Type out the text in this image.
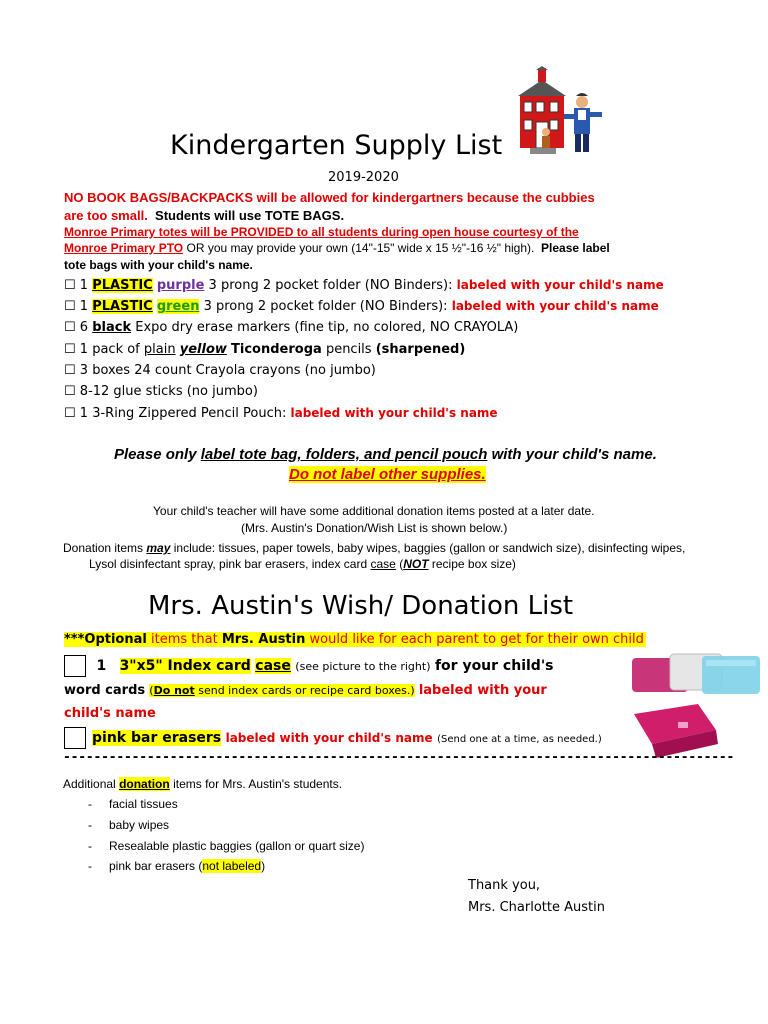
Kindergarten Supply List
2019-2020
NO BOOK BAGS/BACKPACKS will be allowed for kindergartners because the cubbies
are too small. Students will use TOTE BAGS.
Monroe Primary totes will be PROVIDED to all students during open house courtesy of the
Monroe Primary PTO OR you may provide your own (14"-15" wide x 15 ½"-16 ½" high). Please label
tote bags with your child's name.
☐ 1 PLASTIC purple 3 prong 2 pocket folder (NO Binders): labeled with your child's name
☐ 1 PLASTIC green 3 prong 2 pocket folder (NO Binders): labeled with your child's name
☐ 6 black Expo dry erase markers (fine tip, no colored, NO CRAYOLA)
☐ 1 pack of plain yellow Ticonderoga pencils (sharpened)
☐ 3 boxes 24 count Crayola crayons (no jumbo)
☐ 8-12 glue sticks (no jumbo)
☐ 1 3-Ring Zippered Pencil Pouch: labeled with your child's name
Please only label tote bag, folders, and pencil pouch with your child's name.
Do not label other supplies.
Your child's teacher will have some additional donation items posted at a later date.
(Mrs. Austin's Donation/Wish List is shown below.)
Donation items may include: tissues, paper towels, baby wipes, baggies (gallon or sandwich size), disinfecting wipes,
Lysol disinfectant spray, pink bar erasers, index card case (NOT recipe box size)
Mrs. Austin's Wish/ Donation List
***Optional items that Mrs. Austin would like for each parent to get for their own child
1 3"x5" Index card case (see picture to the right) for your child's
word cards (Do not send index cards or recipe card boxes.) labeled with your
child's name
pink bar erasers labeled with your child's name (Send one at a time, as needed.)
----------------------------------------------------------------------------------------
Additional donation items for Mrs. Austin's students.
- facial tissues
- baby wipes
- Resealable plastic baggies (gallon or quart size)
- pink bar erasers (not labeled)
Thank you,
Mrs. Charlotte Austin
